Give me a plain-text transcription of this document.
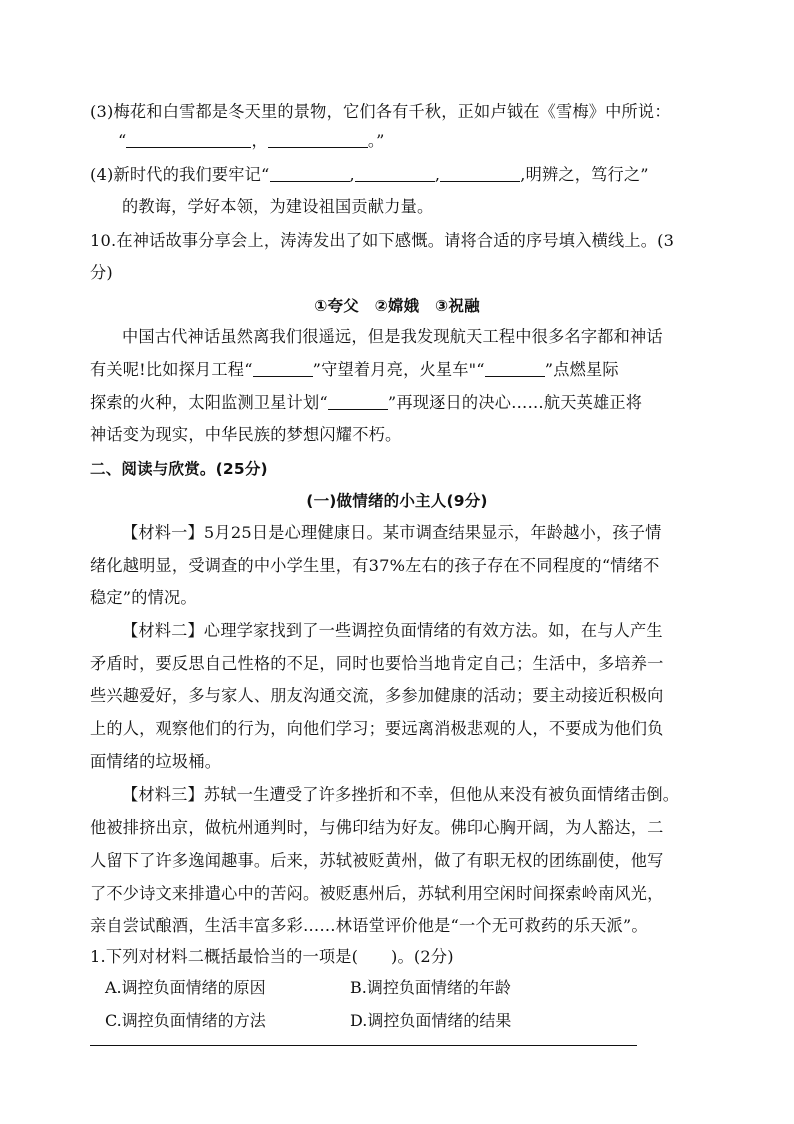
(3)梅花和白雪都是冬天里的景物，它们各有千秋，正如卢钺在《雪梅》中所说：
“	，	。”
(4)新时代的我们要牢记“	,	,	,明辨之，笃行之”
的教诲，学好本领，为建设祖国贡献力量。
10.在神话故事分享会上，涛涛发出了如下感慨。请将合适的序号填入横线上。(3
分)
①夸父　②嫦娥　③祝融
中国古代神话虽然离我们很遥远，但是我发现航天工程中很多名字都和神话
有关呢!比如探月工程“	”守望着月亮，火星车"“	”点燃星际
探索的火种，太阳监测卫星计划“	”再现逐日的决心……航天英雄正将
神话变为现实，中华民族的梦想闪耀不朽。
二、阅读与欣赏。(25分)
(一)做情绪的小主人(9分)
【材料一】5月25日是心理健康日。某市调查结果显示，年龄越小，孩子情
绪化越明显，受调查的中小学生里，有37%左右的孩子存在不同程度的“情绪不
稳定”的情况。
【材料二】心理学家找到了一些调控负面情绪的有效方法。如，在与人产生
矛盾时，要反思自己性格的不足，同时也要恰当地肯定自己；生活中，多培养一
些兴趣爱好，多与家人、朋友沟通交流，多参加健康的活动；要主动接近积极向
上的人，观察他们的行为，向他们学习；要远离消极悲观的人，不要成为他们负
面情绪的垃圾桶。
【材料三】苏轼一生遭受了许多挫折和不幸，但他从来没有被负面情绪击倒。
他被排挤出京，做杭州通判时，与佛印结为好友。佛印心胸开阔，为人豁达，二
人留下了许多逸闻趣事。后来，苏轼被贬黄州，做了有职无权的团练副使，他写
了不少诗文来排遣心中的苦闷。被贬惠州后，苏轼利用空闲时间探索岭南风光，
亲自尝试酿酒，生活丰富多彩……林语堂评价他是“一个无可救药的乐天派”。
1.下列对材料二概括最恰当的一项是(　　)。(2分)
A.调控负面情绪的原因	B.调控负面情绪的年龄
C.调控负面情绪的方法	D.调控负面情绪的结果
